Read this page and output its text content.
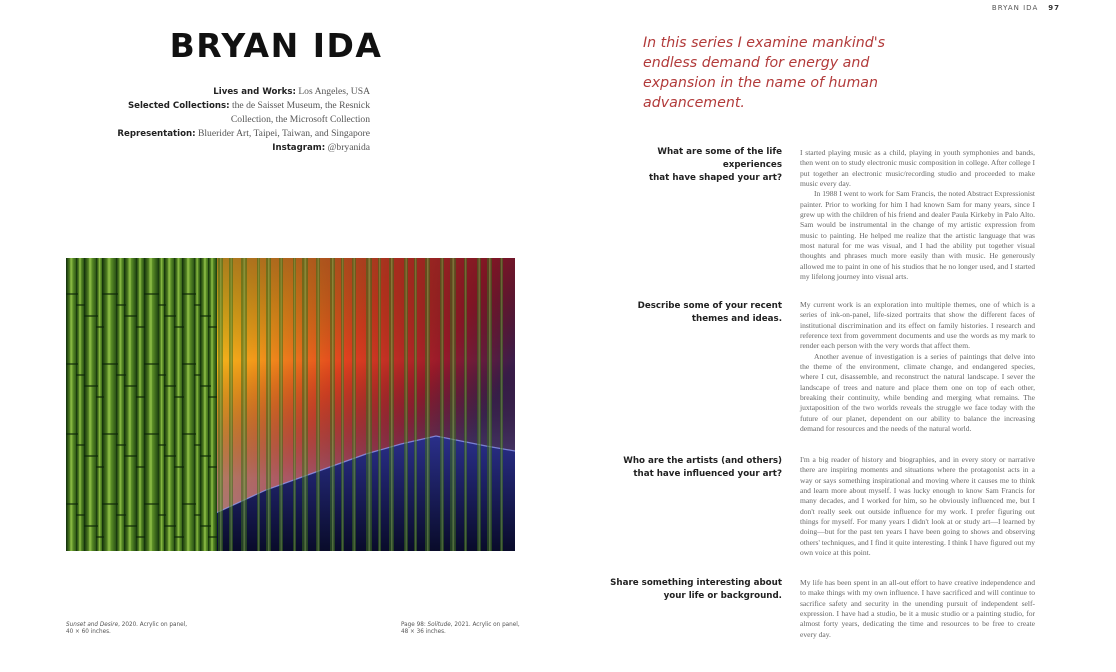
BRYAN IDA 97
BRYAN IDA
Lives and Works: Los Angeles, USA
Selected Collections: the de Saisset Museum, the Resnick
Collection, the Microsoft Collection
Representation: Bluerider Art, Taipei, Taiwan, and Singapore
Instagram: @bryanida
Sunset and Desire, 2020. Acrylic on panel,
40 × 60 inches.
Page 98: Solitude, 2021. Acrylic on panel,
48 × 36 inches.
In this series I examine mankind's endless demand for energy and expansion in the name of human advancement.
What are some of the life experiences
that have shaped your art?

I started playing music as a child, playing in youth symphonies and bands, then went on to study electronic music composition in college. After college I put together an electronic music/recording studio and proceeded to make music every day.

In 1988 I went to work for Sam Francis, the noted Abstract Expressionist painter. Prior to working for him I had known Sam for many years, since I grew up with the children of his friend and dealer Paula Kirkeby in Palo Alto. Sam would be instrumental in the change of my artistic expression from music to painting. He helped me realize that the artistic language that was most natural for me was visual, and I had the ability put together visual thoughts and phrases much more easily than with music. He generously allowed me to paint in one of his studios that he no longer used, and I started my lifelong journey into visual arts.

Describe some of your recent
themes and ideas.

My current work is an exploration into multiple themes, one of which is a series of ink-on-panel, life-sized portraits that show the different faces of institutional discrimination and its effect on family histories. I research and reference text from government documents and use the words as my mark to render each person with the very words that affect them.

Another avenue of investigation is a series of paintings that delve into the theme of the environment, climate change, and endangered species, where I cut, disassemble, and reconstruct the natural landscape. I sever the landscape of trees and nature and place them one on top of each other, breaking their continuity, while bending and merging what remains. The juxtaposition of the two worlds reveals the struggle we face today with the future of our planet, dependent on our ability to balance the increasing demand for resources and the needs of the natural world.

Who are the artists (and others)
that have influenced your art?

I'm a big reader of history and biographies, and in every story or narrative there are inspiring moments and situations where the protagonist acts in a way or says something inspirational and moving where it causes me to think and learn more about myself. I was lucky enough to know Sam Francis for many decades, and I worked for him, so he obviously influenced me, but I don't really seek out outside influence for my work. I prefer figuring out things for myself. For many years I didn't look at or study art—I learned by doing—but for the past ten years I have been going to shows and observing others' techniques, and I find it quite interesting. I think I have figured out my own voice at this point.

Share something interesting about
your life or background.

My life has been spent in an all-out effort to have creative independence and to make things with my own influence. I have sacrificed and will continue to sacrifice safety and security in the unending pursuit of independent self-expression. I have had a studio, be it a music studio or a painting studio, for almost forty years, dedicating the time and resources to be free to create every day.
